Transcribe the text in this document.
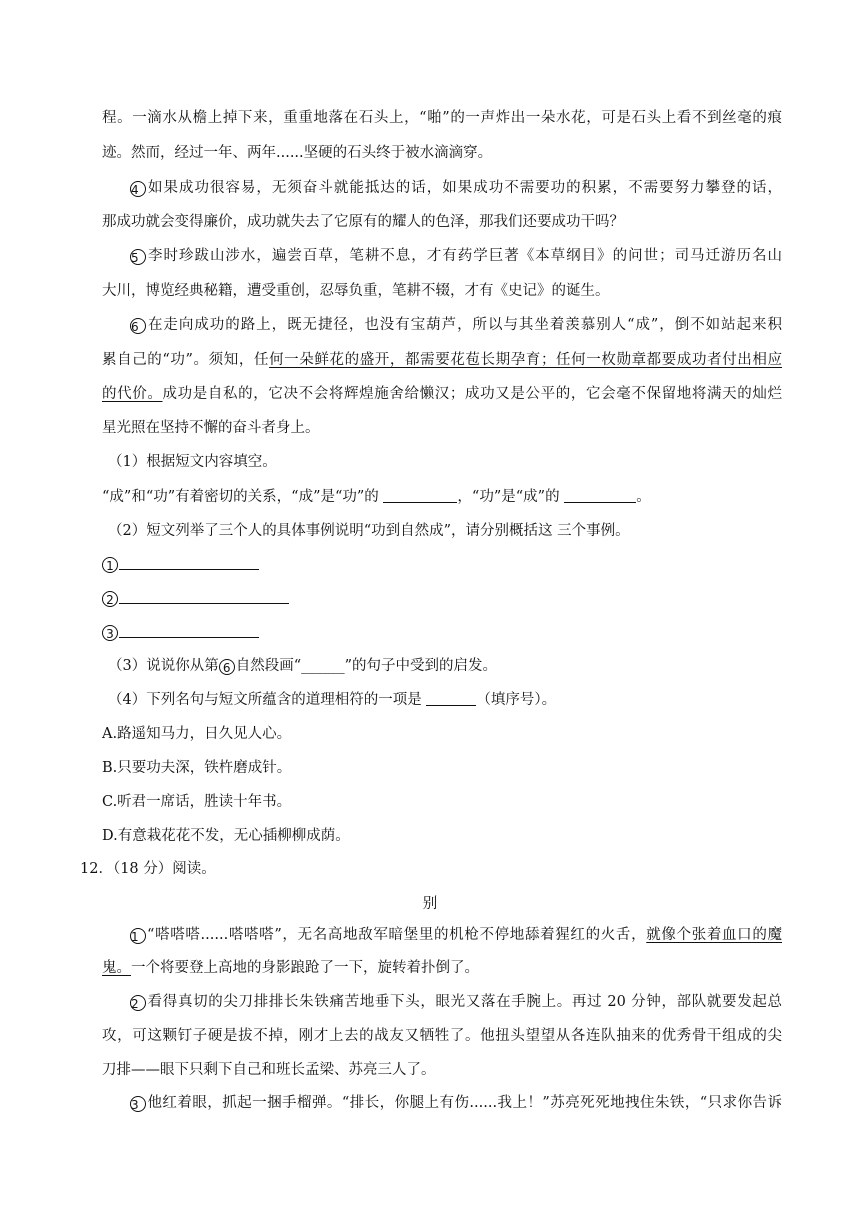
程。一滴水从檐上掉下来，重重地落在石头上，“啪”的一声炸出一朵水花，可是石头上看不到丝毫的痕
迹。然而，经过一年、两年......坚硬的石头终于被水滴滴穿。
4 如果成功很容易，无须奋斗就能抵达的话，如果成功不需要功的积累，不需要努力攀登的话，
那成功就会变得廉价，成功就失去了它原有的耀人的色泽，那我们还要成功干吗？
5 李时珍跋山涉水，遍尝百草，笔耕不息，才有药学巨著《本草纲目》的问世；司马迁游历名山
大川，博览经典秘籍，遭受重创，忍辱负重，笔耕不辍，才有《史记》的诞生。
6 在走向成功的路上，既无捷径，也没有宝葫芦，所以与其坐着羡慕别人“成”，倒不如站起来积
累自己的“功”。须知，任何一朵鲜花的盛开，都需要花苞长期孕育；任何一枚勋章都要成功者付出相应
的代价。成功是自私的，它决不会将辉煌施舍给懒汉；成功又是公平的，它会毫不保留地将满天的灿烂
星光照在坚持不懈的奋斗者身上。
（1）根据短文内容填空。
“成”和“功”有着密切的关系，“成”是“功”的	，“功”是“成”的	。
（2）短文列举了三个人的具体事例说明“功到自然成”，请分别概括这 三个事例。
1
2
3
（3）说说你从第 6 自然段画“______”的句子中受到的启发。
（4）下列名句与短文所蕴含的道理相符的一项是	（填序号）。
A.路遥知马力，日久见人心。
B.只要功夫深，铁杵磨成针。
C.听君一席话，胜读十年书。
D.有意栽花花不发，无心插柳柳成荫。
12．（18 分）阅读。
别
1 “嗒嗒嗒......嗒嗒嗒”，无名高地敌军暗堡里的机枪不停地舔着猩红的火舌，就像个张着血口的魔
鬼。一个将要登上高地的身影踉跄了一下，旋转着扑倒了。
2 看得真切的尖刀排排长朱铁痛苦地垂下头，眼光又落在手腕上。再过 20 分钟，部队就要发起总
攻，可这颗钉子硬是拔不掉，刚才上去的战友又牺牲了。他扭头望望从各连队抽来的优秀骨干组成的尖
刀排——眼下只剩下自己和班长孟梁、苏亮三人了。
3 他红着眼，抓起一捆手榴弹。“排长，你腿上有伤......我上！”苏亮死死地拽住朱铁，“只求你告诉
